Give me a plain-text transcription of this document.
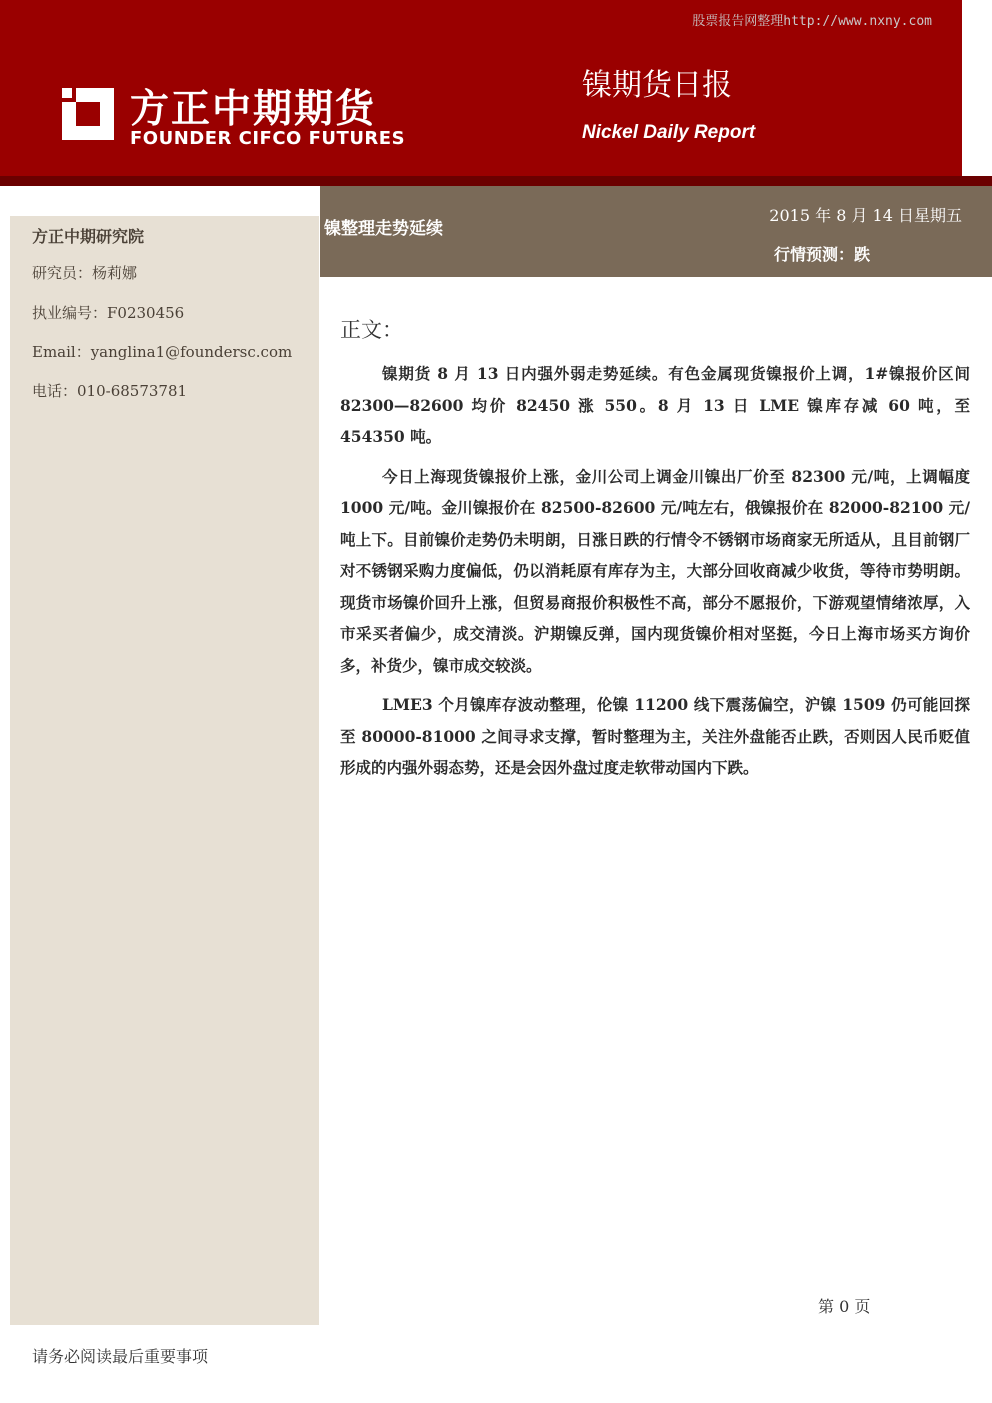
股票报告网整理http://www.nxny.com
方正中期期货
FOUNDER CIFCO FUTURES
镍期货日报
Nickel Daily Report
方正中期研究院
研究员：杨莉娜
执业编号：F0230456
Email：yanglina1@foundersc.com
电话：010-68573781
镍整理走势延续
2015 年 8 月 14 日星期五
行情预测：跌
正文：

镍期货 8 月 13 日内强外弱走势延续。有色金属现货镍报价上调，1#镍报价区间 82300—82600 均价 82450 涨 550。8 月 13 日 LME 镍库存减 60 吨，至 454350 吨。

今日上海现货镍报价上涨，金川公司上调金川镍出厂价至 82300 元/吨，上调幅度 1000 元/吨。金川镍报价在 82500-82600 元/吨左右，俄镍报价在 82000-82100 元/吨上下。目前镍价走势仍未明朗，日涨日跌的行情令不锈钢市场商家无所适从，且目前钢厂对不锈钢采购力度偏低，仍以消耗原有库存为主，大部分回收商减少收货，等待市势明朗。现货市场镍价回升上涨，但贸易商报价积极性不高，部分不愿报价，下游观望情绪浓厚，入市采买者偏少，成交清淡。沪期镍反弹，国内现货镍价相对坚挺，今日上海市场买方询价多，补货少，镍市成交较淡。

LME3 个月镍库存波动整理，伦镍 11200 线下震荡偏空，沪镍 1509 仍可能回探至 80000-81000 之间寻求支撑，暂时整理为主，关注外盘能否止跌，否则因人民币贬值形成的内强外弱态势，还是会因外盘过度走软带动国内下跌。

第 0 页
请务必阅读最后重要事项
